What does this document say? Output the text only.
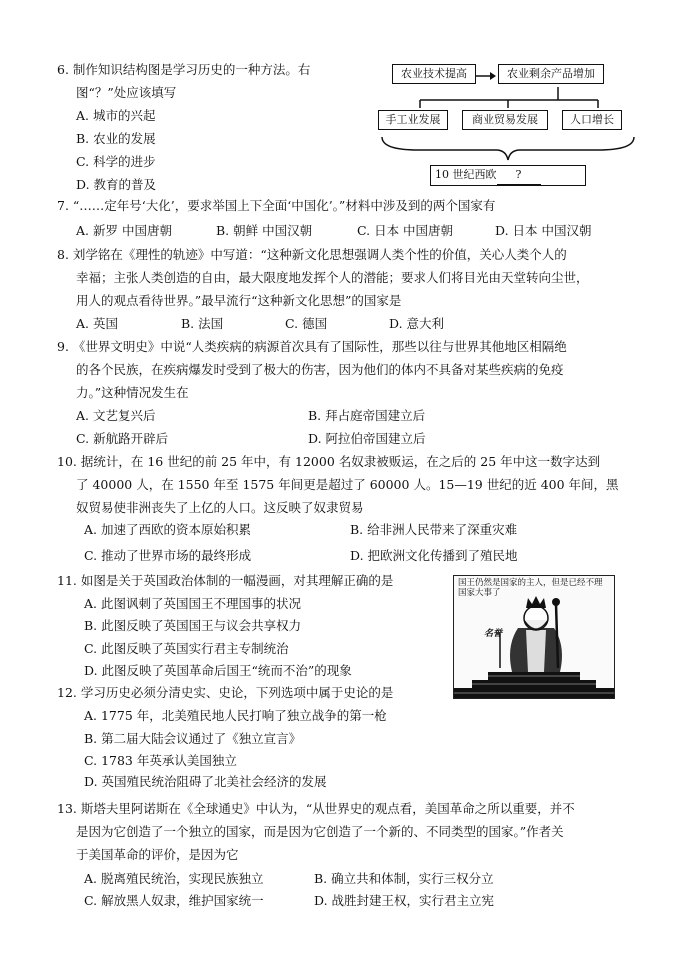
6. 制作知识结构图是学习历史的一种方法。右
图“？”处应该填写
A. 城市的兴起
B. 农业的发展
C. 科学的进步
D. 教育的普及
农业技术提高	农业剩余产品增加
手工业发展	商业贸易发展	人口增长
10 世纪西欧 ?
7. “……定年号‘大化’，要求举国上下全面‘中国化’。”材料中涉及到的两个国家有
A. 新罗 中国唐朝	B. 朝鲜 中国汉朝	C. 日本 中国唐朝	D. 日本 中国汉朝
8. 刘学铭在《理性的轨迹》中写道：“这种新文化思想强调人类个性的价值，关心人类个人的
幸福；主张人类创造的自由，最大限度地发挥个人的潜能；要求人们将目光由天堂转向尘世，
用人的观点看待世界。”最早流行“这种新文化思想”的国家是
A. 英国	B. 法国	C. 德国	D. 意大利
9. 《世界文明史》中说“人类疾病的病源首次具有了国际性，那些以往与世界其他地区相隔绝
的各个民族，在疾病爆发时受到了极大的伤害，因为他们的体内不具备对某些疾病的免疫
力。”这种情况发生在
A. 文艺复兴后	B. 拜占庭帝国建立后
C. 新航路开辟后	D. 阿拉伯帝国建立后
10. 据统计，在 16 世纪的前 25 年中，有 12000 名奴隶被贩运，在之后的 25 年中这一数字达到
了 40000 人，在 1550 年至 1575 年间更是超过了 60000 人。15—19 世纪的近 400 年间，黑
奴贸易使非洲丧失了上亿的人口。这反映了奴隶贸易
A. 加速了西欧的资本原始积累	B. 给非洲人民带来了深重灾难
C. 推动了世界市场的最终形成	D. 把欧洲文化传播到了殖民地
11. 如图是关于英国政治体制的一幅漫画，对其理解正确的是
A. 此图讽刺了英国国王不理国事的状况
B. 此图反映了英国国王与议会共享权力
C. 此图反映了英国实行君主专制统治
D. 此图反映了英国革命后国王“统而不治”的现象
国王仍然是国家的主人，但是已经不理国家大事了
名誉
12. 学习历史必须分清史实、史论，下列选项中属于史论的是
A. 1775 年，北美殖民地人民打响了独立战争的第一枪
B. 第二届大陆会议通过了《独立宣言》
C. 1783 年英承认美国独立
D. 英国殖民统治阻碍了北美社会经济的发展
13. 斯塔夫里阿诺斯在《全球通史》中认为，“从世界史的观点看，美国革命之所以重要，并不
是因为它创造了一个独立的国家，而是因为它创造了一个新的、不同类型的国家。”作者关
于美国革命的评价，是因为它
A. 脱离殖民统治，实现民族独立	B. 确立共和体制，实行三权分立
C. 解放黑人奴隶，维护国家统一	D. 战胜封建王权，实行君主立宪
